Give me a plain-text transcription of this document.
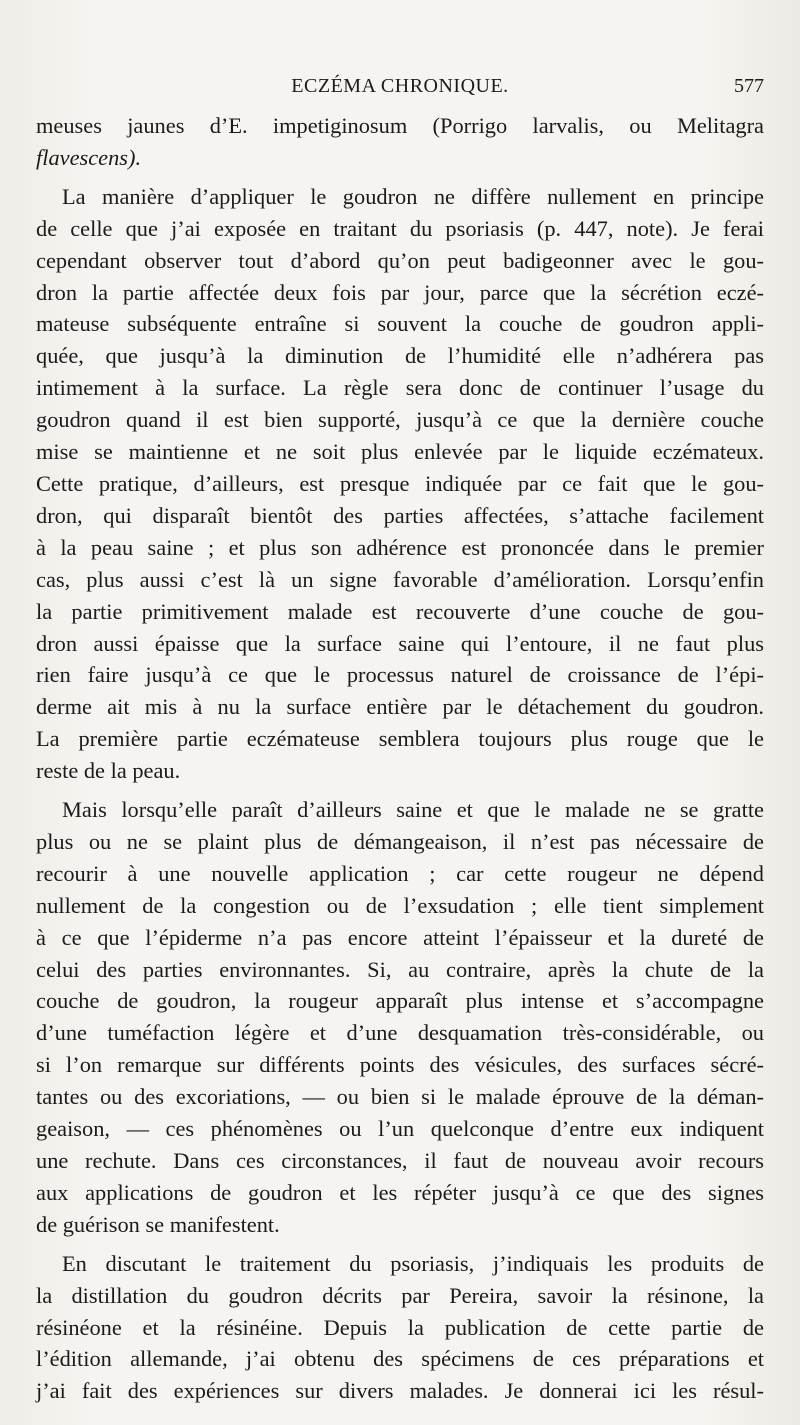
ECZÉMA CHRONIQUE.	577

meuses jaunes d’E. impetiginosum (Porrigo larvalis, ou Melitagra
flavescens).

La manière d’appliquer le goudron ne diffère nullement en principe
de celle que j’ai exposée en traitant du psoriasis (p. 447, note). Je ferai
cependant observer tout d’abord qu’on peut badigeonner avec le gou-
dron la partie affectée deux fois par jour, parce que la sécrétion eczé-
mateuse subséquente entraîne si souvent la couche de goudron appli-
quée, que jusqu’à la diminution de l’humidité elle n’adhérera pas
intimement à la surface. La règle sera donc de continuer l’usage du
goudron quand il est bien supporté, jusqu’à ce que la dernière couche
mise se maintienne et ne soit plus enlevée par le liquide eczémateux.
Cette pratique, d’ailleurs, est presque indiquée par ce fait que le gou-
dron, qui disparaît bientôt des parties affectées, s’attache facilement
à la peau saine ; et plus son adhérence est prononcée dans le premier
cas, plus aussi c’est là un signe favorable d’amélioration. Lorsqu’enfin
la partie primitivement malade est recouverte d’une couche de gou-
dron aussi épaisse que la surface saine qui l’entoure, il ne faut plus
rien faire jusqu’à ce que le processus naturel de croissance de l’épi-
derme ait mis à nu la surface entière par le détachement du goudron.
La première partie eczémateuse semblera toujours plus rouge que le
reste de la peau.

Mais lorsqu’elle paraît d’ailleurs saine et que le malade ne se gratte
plus ou ne se plaint plus de démangeaison, il n’est pas nécessaire de
recourir à une nouvelle application ; car cette rougeur ne dépend
nullement de la congestion ou de l’exsudation ; elle tient simplement
à ce que l’épiderme n’a pas encore atteint l’épaisseur et la dureté de
celui des parties environnantes. Si, au contraire, après la chute de la
couche de goudron, la rougeur apparaît plus intense et s’accompagne
d’une tuméfaction légère et d’une desquamation très-considérable, ou
si l’on remarque sur différents points des vésicules, des surfaces sécré-
tantes ou des excoriations, — ou bien si le malade éprouve de la déman-
geaison, — ces phénomènes ou l’un quelconque d’entre eux indiquent
une rechute. Dans ces circonstances, il faut de nouveau avoir recours
aux applications de goudron et les répéter jusqu’à ce que des signes
de guérison se manifestent.

En discutant le traitement du psoriasis, j’indiquais les produits de
la distillation du goudron décrits par Pereira, savoir la résinone, la
résinéone et la résinéine. Depuis la publication de cette partie de
l’édition allemande, j’ai obtenu des spécimens de ces préparations et
j’ai fait des expériences sur divers malades. Je donnerai ici les résul-
